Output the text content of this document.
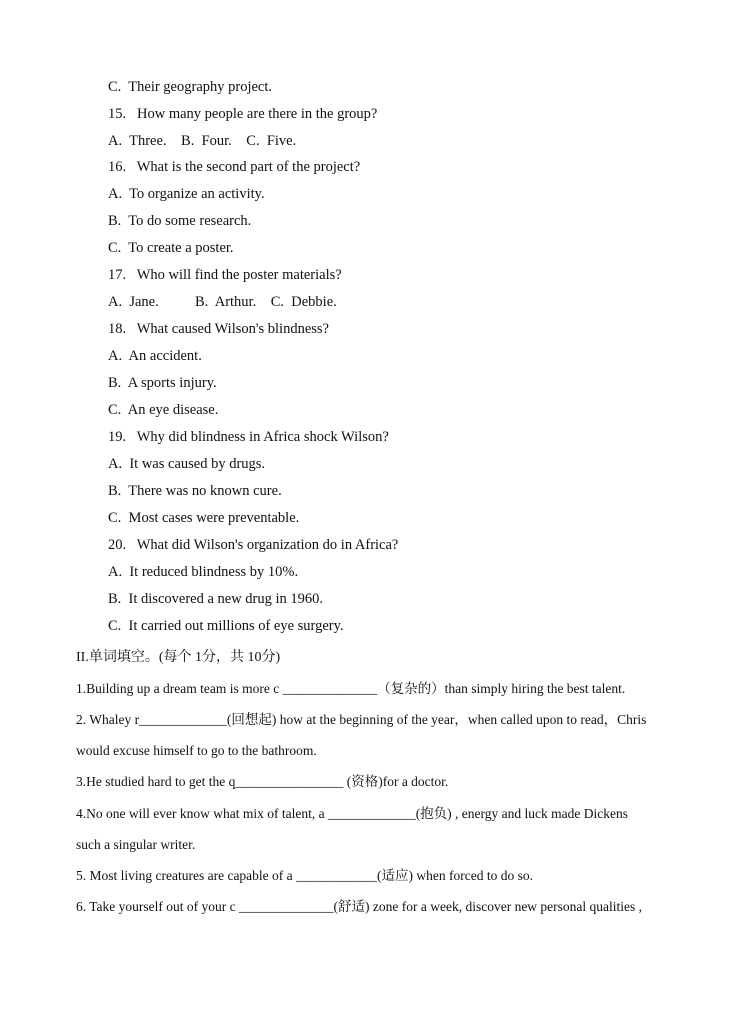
C.  Their geography project.
15.   How many people are there in the group?
A.  Three.    B.  Four.    C.  Five.
16.   What is the second part of the project?
A.  To organize an activity.
B.  To do some research.
C.  To create a poster.
17.   Who will find the poster materials?
A.  Jane.          B.  Arthur.    C.  Debbie.
18.   What caused Wilson's blindness?
A.  An accident.
B.  A sports injury.
C.  An eye disease.
19.   Why did blindness in Africa shock Wilson?
A.  It was caused by drugs.
B.  There was no known cure.
C.  Most cases were preventable.
20.   What did Wilson's organization do in Africa?
A.  It reduced blindness by 10%.
B.  It discovered a new drug in 1960.
C.  It carried out millions of eye surgery.
II.单词填空。(每个 1分，共 10分)
1.Building up a dream team is more c ______________（复杂的）than simply hiring the best talent.
2. Whaley r_____________(回想起) how at the beginning of the year，when called upon to read，Chris
would excuse himself to go to the bathroom.
3.He studied hard to get the q________________ (资格)for a doctor.
4.No one will ever know what mix of talent, a _____________(抱负) , energy and luck made Dickens
such a singular writer.
5. Most living creatures are capable of a ____________(适应) when forced to do so.
6. Take yourself out of your c ______________(舒适) zone for a week, discover new personal qualities ,
